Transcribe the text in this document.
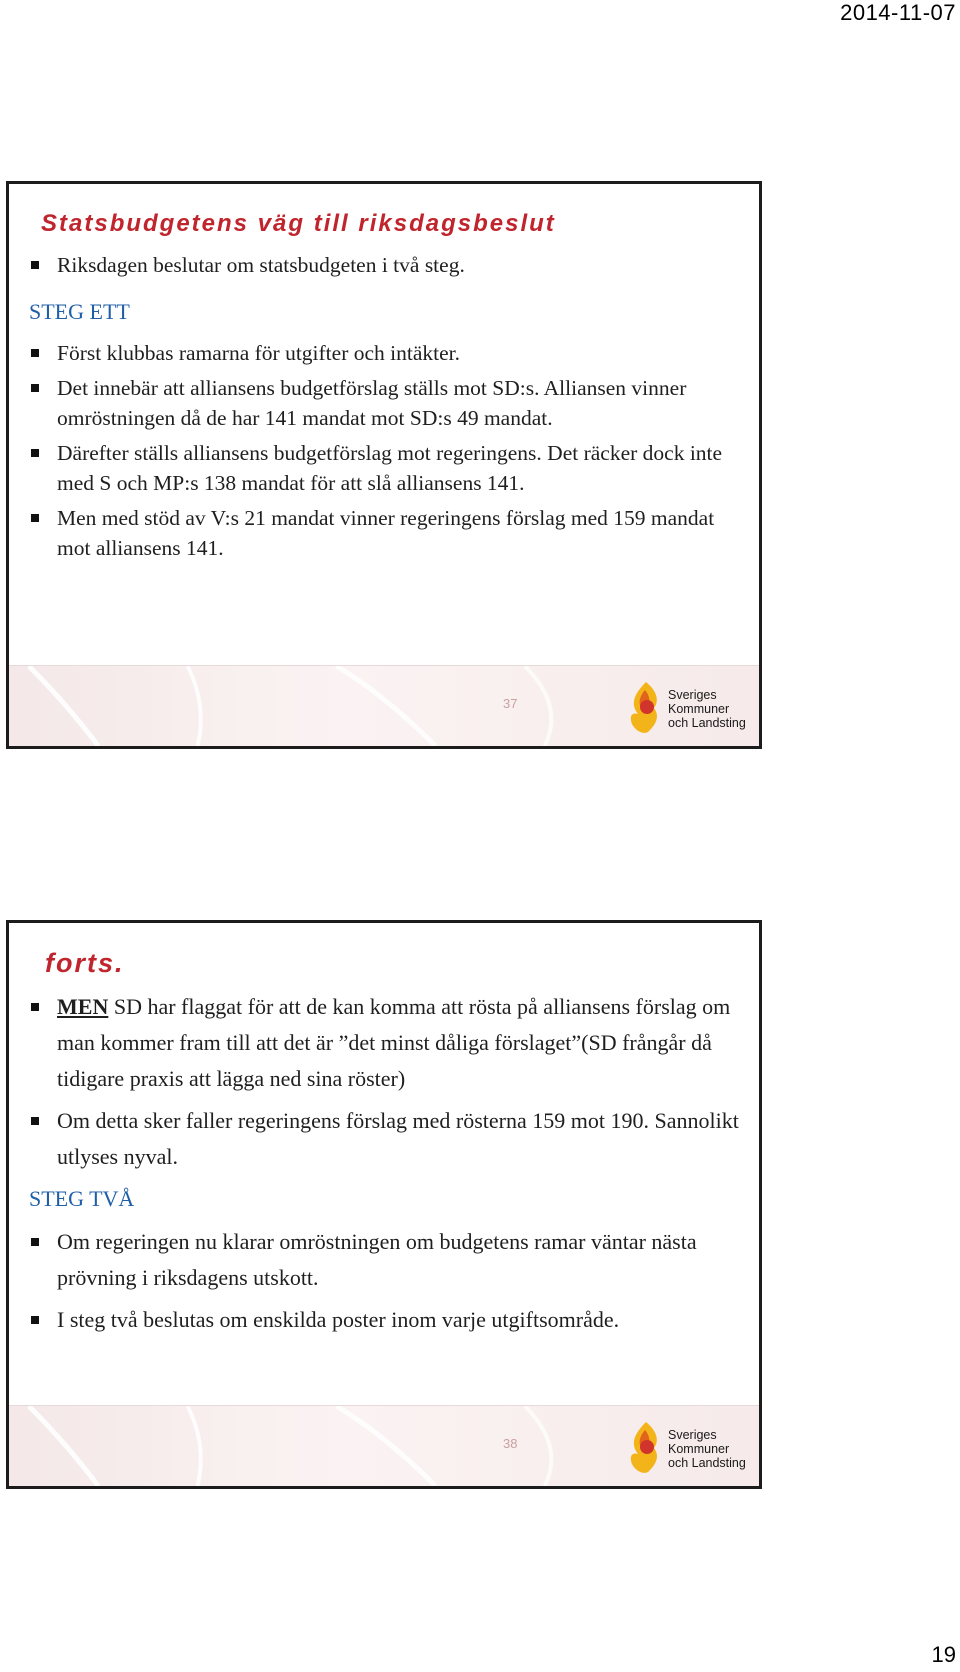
2014-11-07
Statsbudgetens väg till riksdagsbeslut
Riksdagen beslutar om statsbudgeten i två steg.
STEG ETT
Först klubbas ramarna för utgifter och intäkter.
Det innebär att alliansens budgetförslag ställs mot SD:s. Alliansen vinner omröstningen då de har 141 mandat mot SD:s 49 mandat.
Därefter ställs alliansens budgetförslag mot regeringens. Det räcker dock inte med S och MP:s 138 mandat för att slå alliansens 141.
Men med stöd av V:s 21 mandat vinner regeringens förslag med 159 mandat mot alliansens 141.
37
Sveriges
Kommuner
och Landsting
forts.
MEN SD har flaggat för att de kan komma att rösta på alliansens förslag om man kommer fram till att det är ”det minst dåliga förslaget”(SD frångår då tidigare praxis att lägga ned sina röster)
Om detta sker faller regeringens förslag med rösterna 159 mot 190. Sannolikt utlyses nyval.
STEG TVÅ
Om regeringen nu klarar omröstningen om budgetens ramar väntar nästa prövning i riksdagens utskott.
I steg två beslutas om enskilda poster inom varje utgiftsområde.
38
Sveriges
Kommuner
och Landsting
19
